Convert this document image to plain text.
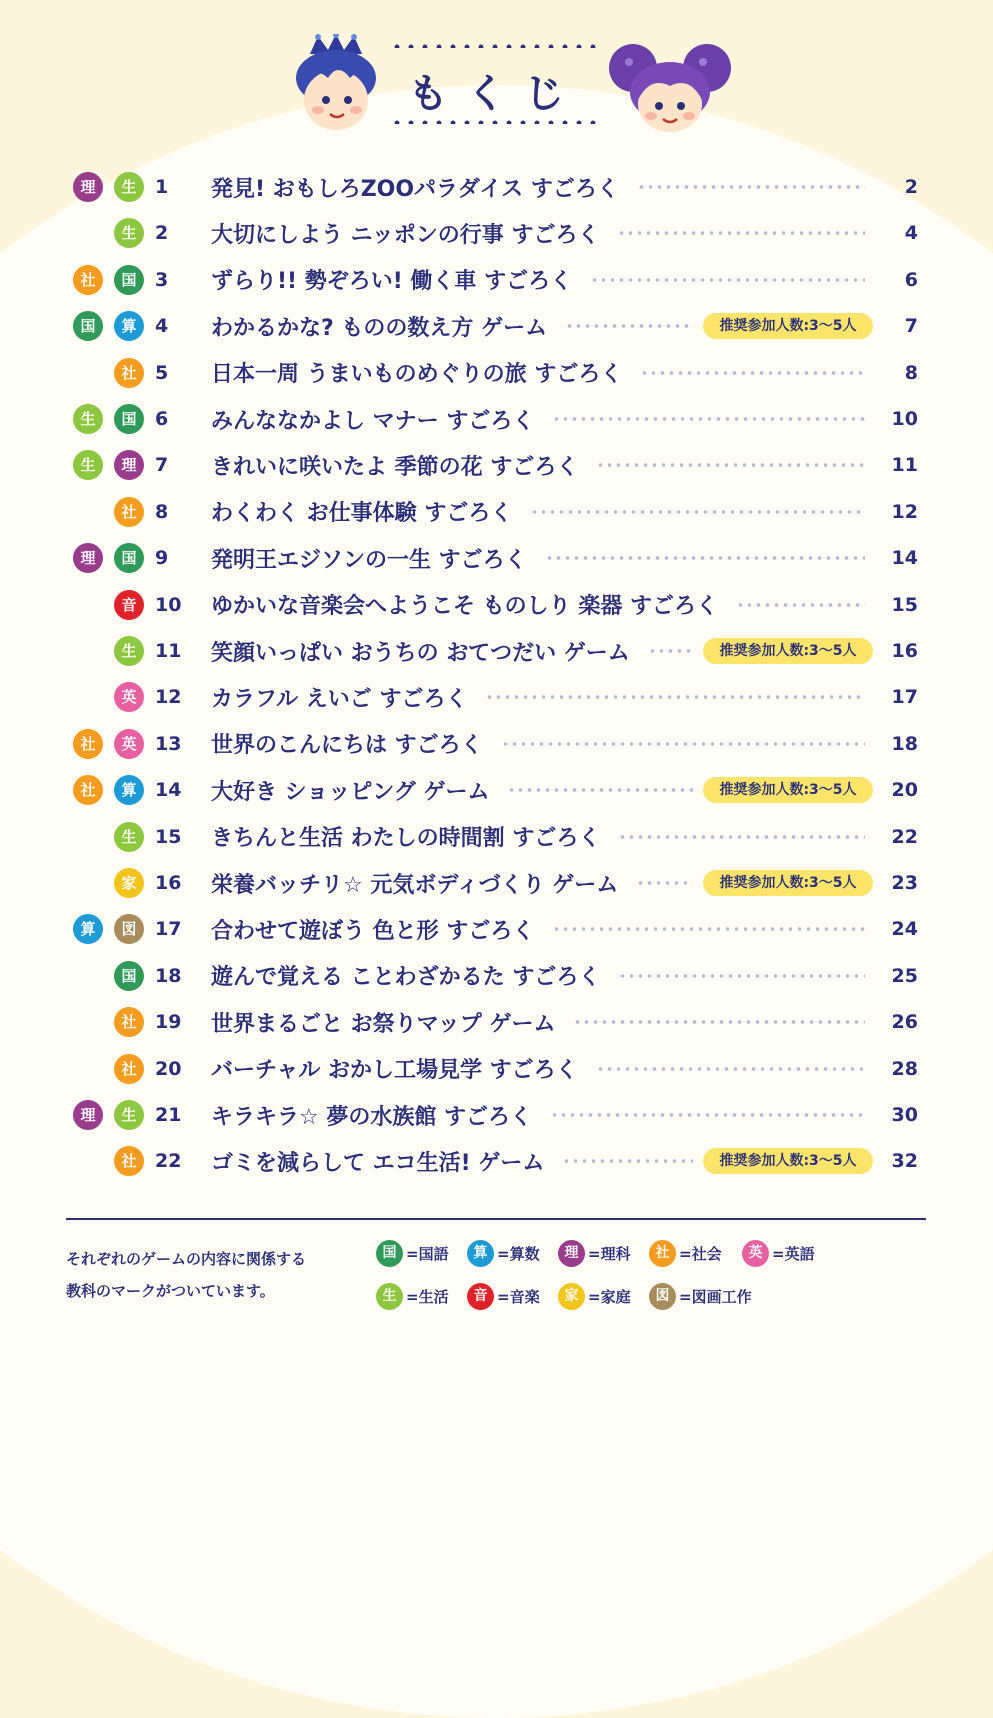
もくじ
理	生 1	発見! おもしろZOOパラダイス すごろく	2
生 2	大切にしよう ニッポンの行事 すごろく	4
社	国 3	ずらり!! 勢ぞろい! 働く車 すごろく	6
国	算 4	わかるかな? ものの数え方 ゲーム	推奨参加人数:3〜5人	7
社 5	日本一周 うまいものめぐりの旅 すごろく	8
生	国 6	みんななかよし マナー すごろく	10
生	理 7	きれいに咲いたよ 季節の花 すごろく	11
社 8	わくわく お仕事体験 すごろく	12
理	国 9	発明王エジソンの一生 すごろく	14
音 10	ゆかいな音楽会へようこそ ものしり 楽器 すごろく	15
生 11	笑顔いっぱい おうちの おてつだい ゲーム	推奨参加人数:3〜5人	16
英 12	カラフル えいご すごろく	17
社	英 13	世界のこんにちは すごろく	18
社	算 14	大好き ショッピング ゲーム	推奨参加人数:3〜5人	20
生 15	きちんと生活 わたしの時間割 すごろく	22
家 16	栄養バッチリ☆ 元気ボディづくり ゲーム	推奨参加人数:3〜5人	23
算	図 17	合わせて遊ぼう 色と形 すごろく	24
国 18	遊んで覚える ことわざかるた すごろく	25
社 19	世界まるごと お祭りマップ ゲーム	26
社 20	バーチャル おかし工場見学 すごろく	28
理	生 21	キラキラ☆ 夢の水族館 すごろく	30
社 22	ゴミを減らして エコ生活! ゲーム	推奨参加人数:3〜5人	32
それぞれのゲームの内容に関係する
教科のマークがついています。
国 =国語	算 =算数	理 =理科	社 =社会	英 =英語
生 =生活	音 =音楽	家 =家庭	図 =図画工作
